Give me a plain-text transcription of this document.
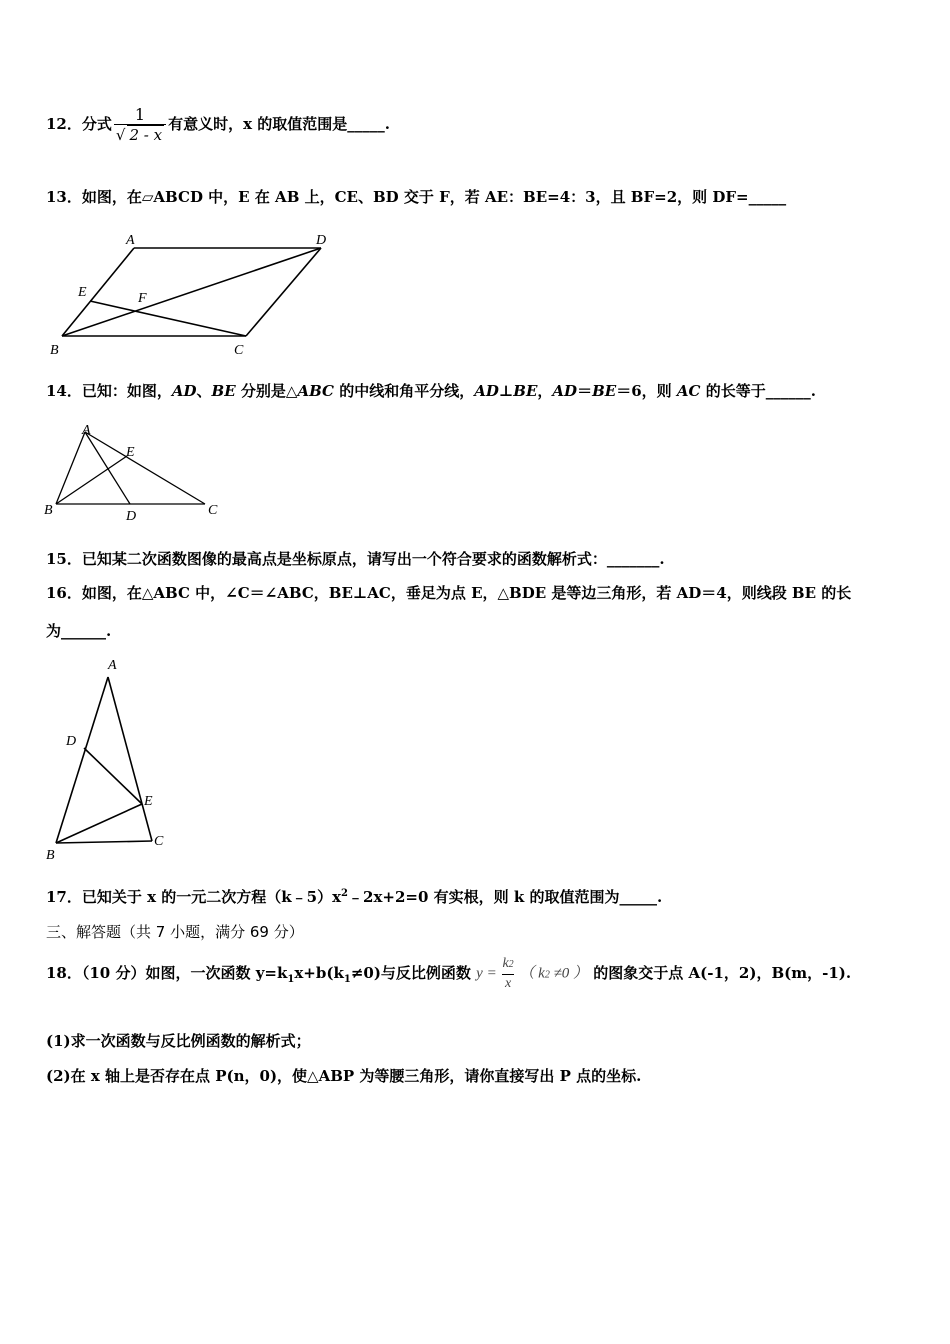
12．分式 $\frac{1}{√ 2 - x}$ 有意义时，x 的取值范围是_____.
13．如图，在▱ABCD 中，E 在 AB 上，CE、BD 交于 F，若 AE：BE=4：3，且 BF=2，则 DF=_____
A	D
E	F
B	C
14．已知：如图，AD、BE 分别是△ABC 的中线和角平分线，AD⊥BE，AD＝BE＝6，则 AC 的长等于______.
A
E
B	D	C
15．已知某二次函数图像的最高点是坐标原点，请写出一个符合要求的函数解析式：_______.
16．如图，在△ABC 中，∠C＝∠ABC，BE⊥AC，垂足为点 E，△BDE 是等边三角形，若 AD＝4，则线段 BE 的长
为______.
A
D
E
B
C
17．已知关于 x 的一元二次方程$(k﹣5)x^2﹣2x+2=0$ 有实根，则 k 的取值范围为_____.
三、解答题（共 7 小题，满分 69 分）
18．（10 分）如图，一次函数 $y=k_1x+b(k_1\ne 0)$与反比例函数 $y = \frac{k2}{x}$ （ k2 ≠0 ） 的图象交于点 A(-1，2)，B(m，-1).
(1)求一次函数与反比例函数的解析式；
(2)在 x 轴上是否存在点 P(n，0)，使△ABP 为等腰三角形，请你直接写出 P 点的坐标.
